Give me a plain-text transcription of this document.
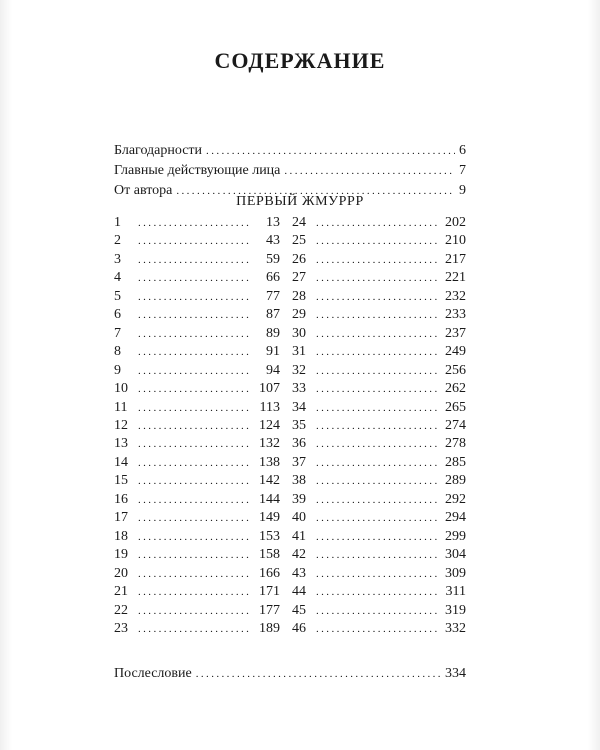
СОДЕРЖАНИЕ
Благодарности .....	6
Главные действующие лица .....	7
От автора .....	9
ПЕРВЫЙ ЖМУРРР
1 .....	13
2 .....	43
3 .....	59
4 .....	66
5 .....	77
6 .....	87
7 .....	89
8 .....	91
9 .....	94
10 .....	107
11 .....	113
12 .....	124
13 .....	132
14 .....	138
15 .....	142
16 .....	144
17 .....	149
18 .....	153
19 .....	158
20 .....	166
21 .....	171
22 .....	177
23 .....	189
24 .....	202
25 .....	210
26 .....	217
27 .....	221
28 .....	232
29 .....	233
30 .....	237
31 .....	249
32 .....	256
33 .....	262
34 .....	265
35 .....	274
36 .....	278
37 .....	285
38 .....	289
39 .....	292
40 .....	294
41 .....	299
42 .....	304
43 .....	309
44 .....	311
45 .....	319
46 .....	332
Послесловие .....	334
